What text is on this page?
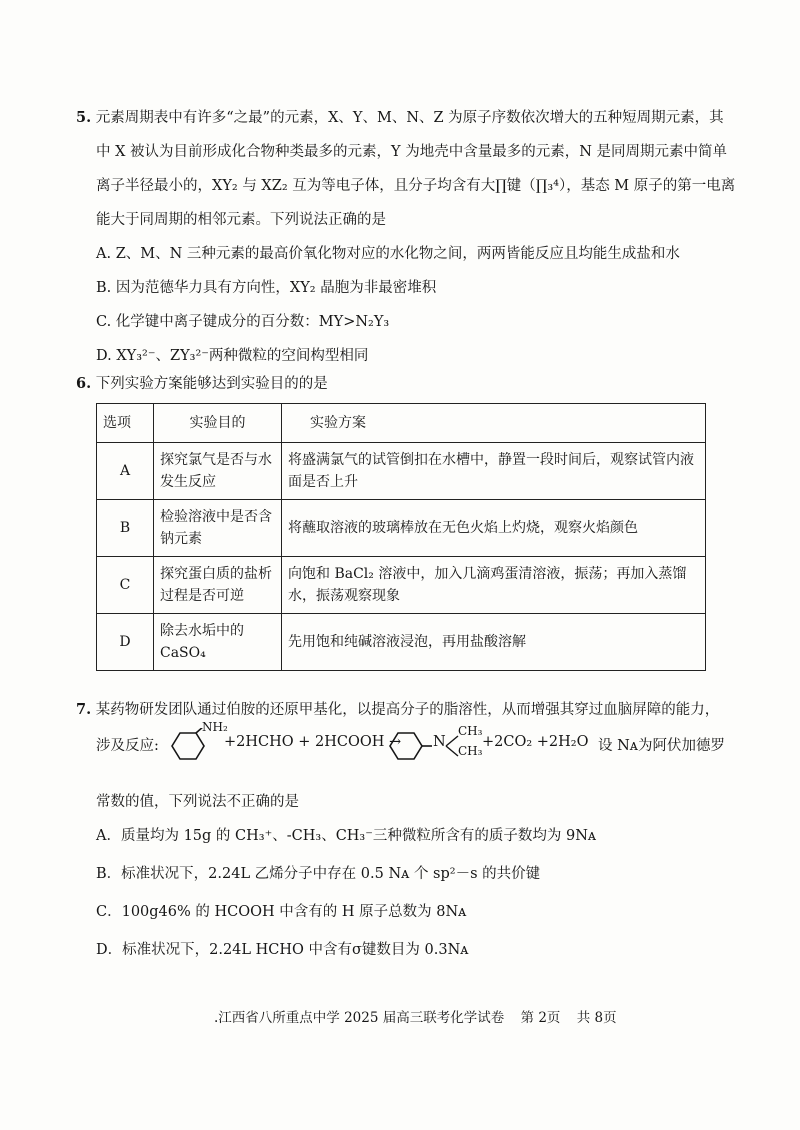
5. 元素周期表中有许多“之最”的元素，X、Y、M、N、Z 为原子序数依次增大的五种短周期元素，其
中 X 被认为目前形成化合物种类最多的元素，Y 为地壳中含量最多的元素，N 是同周期元素中简单
离子半径最小的，XY₂ 与 XZ₂ 互为等电子体，且分子均含有大∏键（∏₃⁴），基态 M 原子的第一电离
能大于同周期的相邻元素。下列说法正确的是
A. Z、M、N 三种元素的最高价氧化物对应的水化物之间，两两皆能反应且均能生成盐和水
B. 因为范德华力具有方向性，XY₂ 晶胞为非最密堆积
C. 化学键中离子键成分的百分数：MY>N₂Y₃
D. XY₃²⁻、ZY₃²⁻两种微粒的空间构型相同
6. 下列实验方案能够达到实验目的的是
选项	实验目的	实验方案
A	探究氯气是否与水发生反应	将盛满氯气的试管倒扣在水槽中，静置一段时间后，观察试管内液面是否上升
B	检验溶液中是否含钠元素	将蘸取溶液的玻璃棒放在无色火焰上灼烧，观察火焰颜色
C	探究蛋白质的盐析过程是否可逆	向饱和 BaCl₂ 溶液中，加入几滴鸡蛋清溶液，振荡；再加入蒸馏水，振荡观察现象
D	除去水垢中的CaSO₄	先用饱和纯碱溶液浸泡，再用盐酸溶解
7. 某药物研发团队通过伯胺的还原甲基化，以提高分子的脂溶性，从而增强其穿过血脑屏障的能力，
涉及反应:
NH₂
+2HCHO + 2HCOOH → N
CH₃
CH₃
+2CO₂ +2H₂O 设 Nᴀ为阿伏加德罗
常数的值，下列说法不正确的是
A．质量均为 15g 的 CH₃⁺、-CH₃、CH₃⁻三种微粒所含有的质子数均为 9Nᴀ
B．标准状况下，2.24L 乙烯分子中存在 0.5 Nᴀ 个 sp²－s 的共价键
C．100g46% 的 HCOOH 中含有的 H 原子总数为 8Nᴀ
D．标准状况下，2.24L HCHO 中含有σ键数目为 0.3Nᴀ
.江西省八所重点中学 2025 届高三联考化学试卷 第 2页 共 8页
